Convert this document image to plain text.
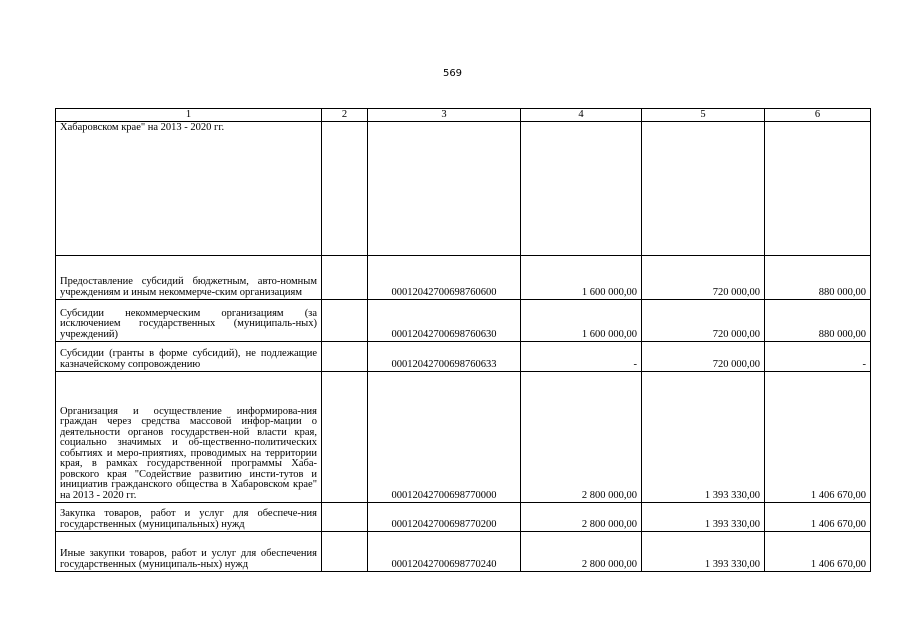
569
1	2	3	4	5	6
Хабаровском крае" на 2013 - 2020 гг.					
Предоставление субсидий бюджетным, авто-номным учреждениям и иным некоммерче-ским организациям		00012042700698760600	1 600 000,00	720 000,00	880 000,00
Субсидии некоммерческим организациям (за исключением государственных (муниципаль-ных) учреждений)		00012042700698760630	1 600 000,00	720 000,00	880 000,00
Субсидии (гранты в форме субсидий), не подлежащие казначейскому сопровождению		00012042700698760633	-	720 000,00	-
Организация и осуществление информирова-ния граждан через средства массовой инфор-мации о деятельности органов государствен-ной власти края, социально значимых и об-щественно-политических событиях и меро-приятиях, проводимых на территории края, в рамках государственной программы Хаба-ровского края "Содействие развитию инсти-тутов и инициатив гражданского общества в Хабаровском крае" на 2013 - 2020 гг.		00012042700698770000	2 800 000,00	1 393 330,00	1 406 670,00
Закупка товаров, работ и услуг для обеспече-ния государственных (муниципальных) нужд		00012042700698770200	2 800 000,00	1 393 330,00	1 406 670,00
Иные закупки товаров, работ и услуг для обеспечения государственных (муниципаль-ных) нужд		00012042700698770240	2 800 000,00	1 393 330,00	1 406 670,00
